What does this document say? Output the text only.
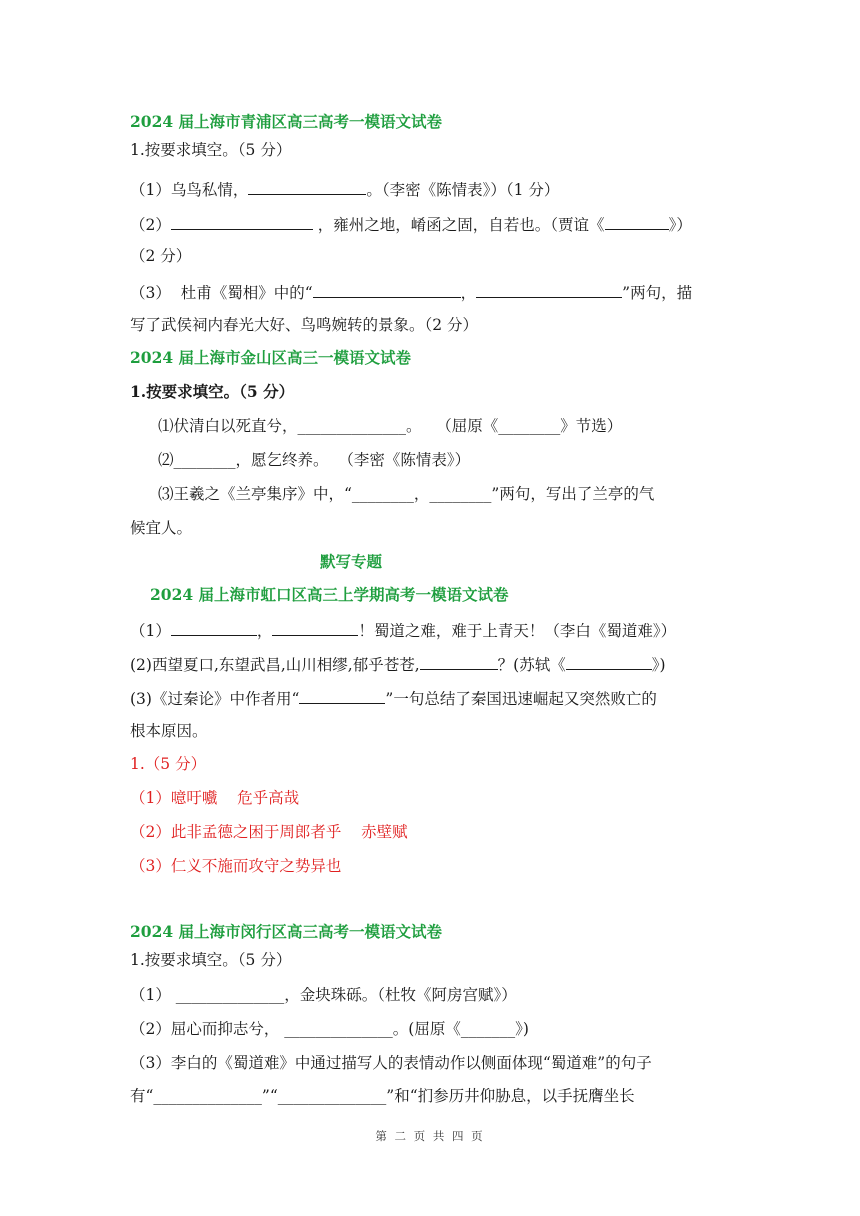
2024 届上海市青浦区高三高考一模语文试卷
1.按要求填空。（5 分）
（1）乌鸟私情，	。（李密《陈情表》）（1 分）
（2）	，雍州之地，崤函之固，自若也。（贾谊《	》）
（2 分）
（3）  杜甫《蜀相》中的“	，	”两句，描
写了武侯祠内春光大好、鸟鸣婉转的景象。（2 分）
2024 届上海市金山区高三一模语文试卷
1.按要求填空。（5 分）
⑴伏清白以死直兮，______________。   （屈原《________》节选）
⑵________，愿乞终养。  （李密《陈情表》）
⑶王羲之《兰亭集序》中，“________，________”两句，写出了兰亭的气
候宜人。
默写专题
2024 届上海市虹口区高三上学期高考一模语文试卷
（1）	，	！蜀道之难，难于上青天！（李白《蜀道难》）
(2)西望夏口,东望武昌,山川相缪,郁乎苍苍,	？(苏轼《	》)
(3)《过秦论》中作者用“	”一句总结了秦国迅速崛起又突然败亡的
根本原因。
1.（5 分）
（1）噫吁嚱    危乎高哉
（2）此非孟德之困于周郎者乎    赤壁赋
（3）仁义不施而攻守之势异也
2024 届上海市闵行区高三高考一模语文试卷
1.按要求填空。（5 分）
（1） ______________，金块珠砾。（杜牧《阿房宫赋》）
（2）屈心而抑志兮， ______________。(屈原《_______》)
（3）李白的《蜀道难》中通过描写人的表情动作以侧面体现“蜀道难”的句子
有“______________”“______________”和“扪参历井仰胁息，以手抚膺坐长
第 二 页 共 四 页
